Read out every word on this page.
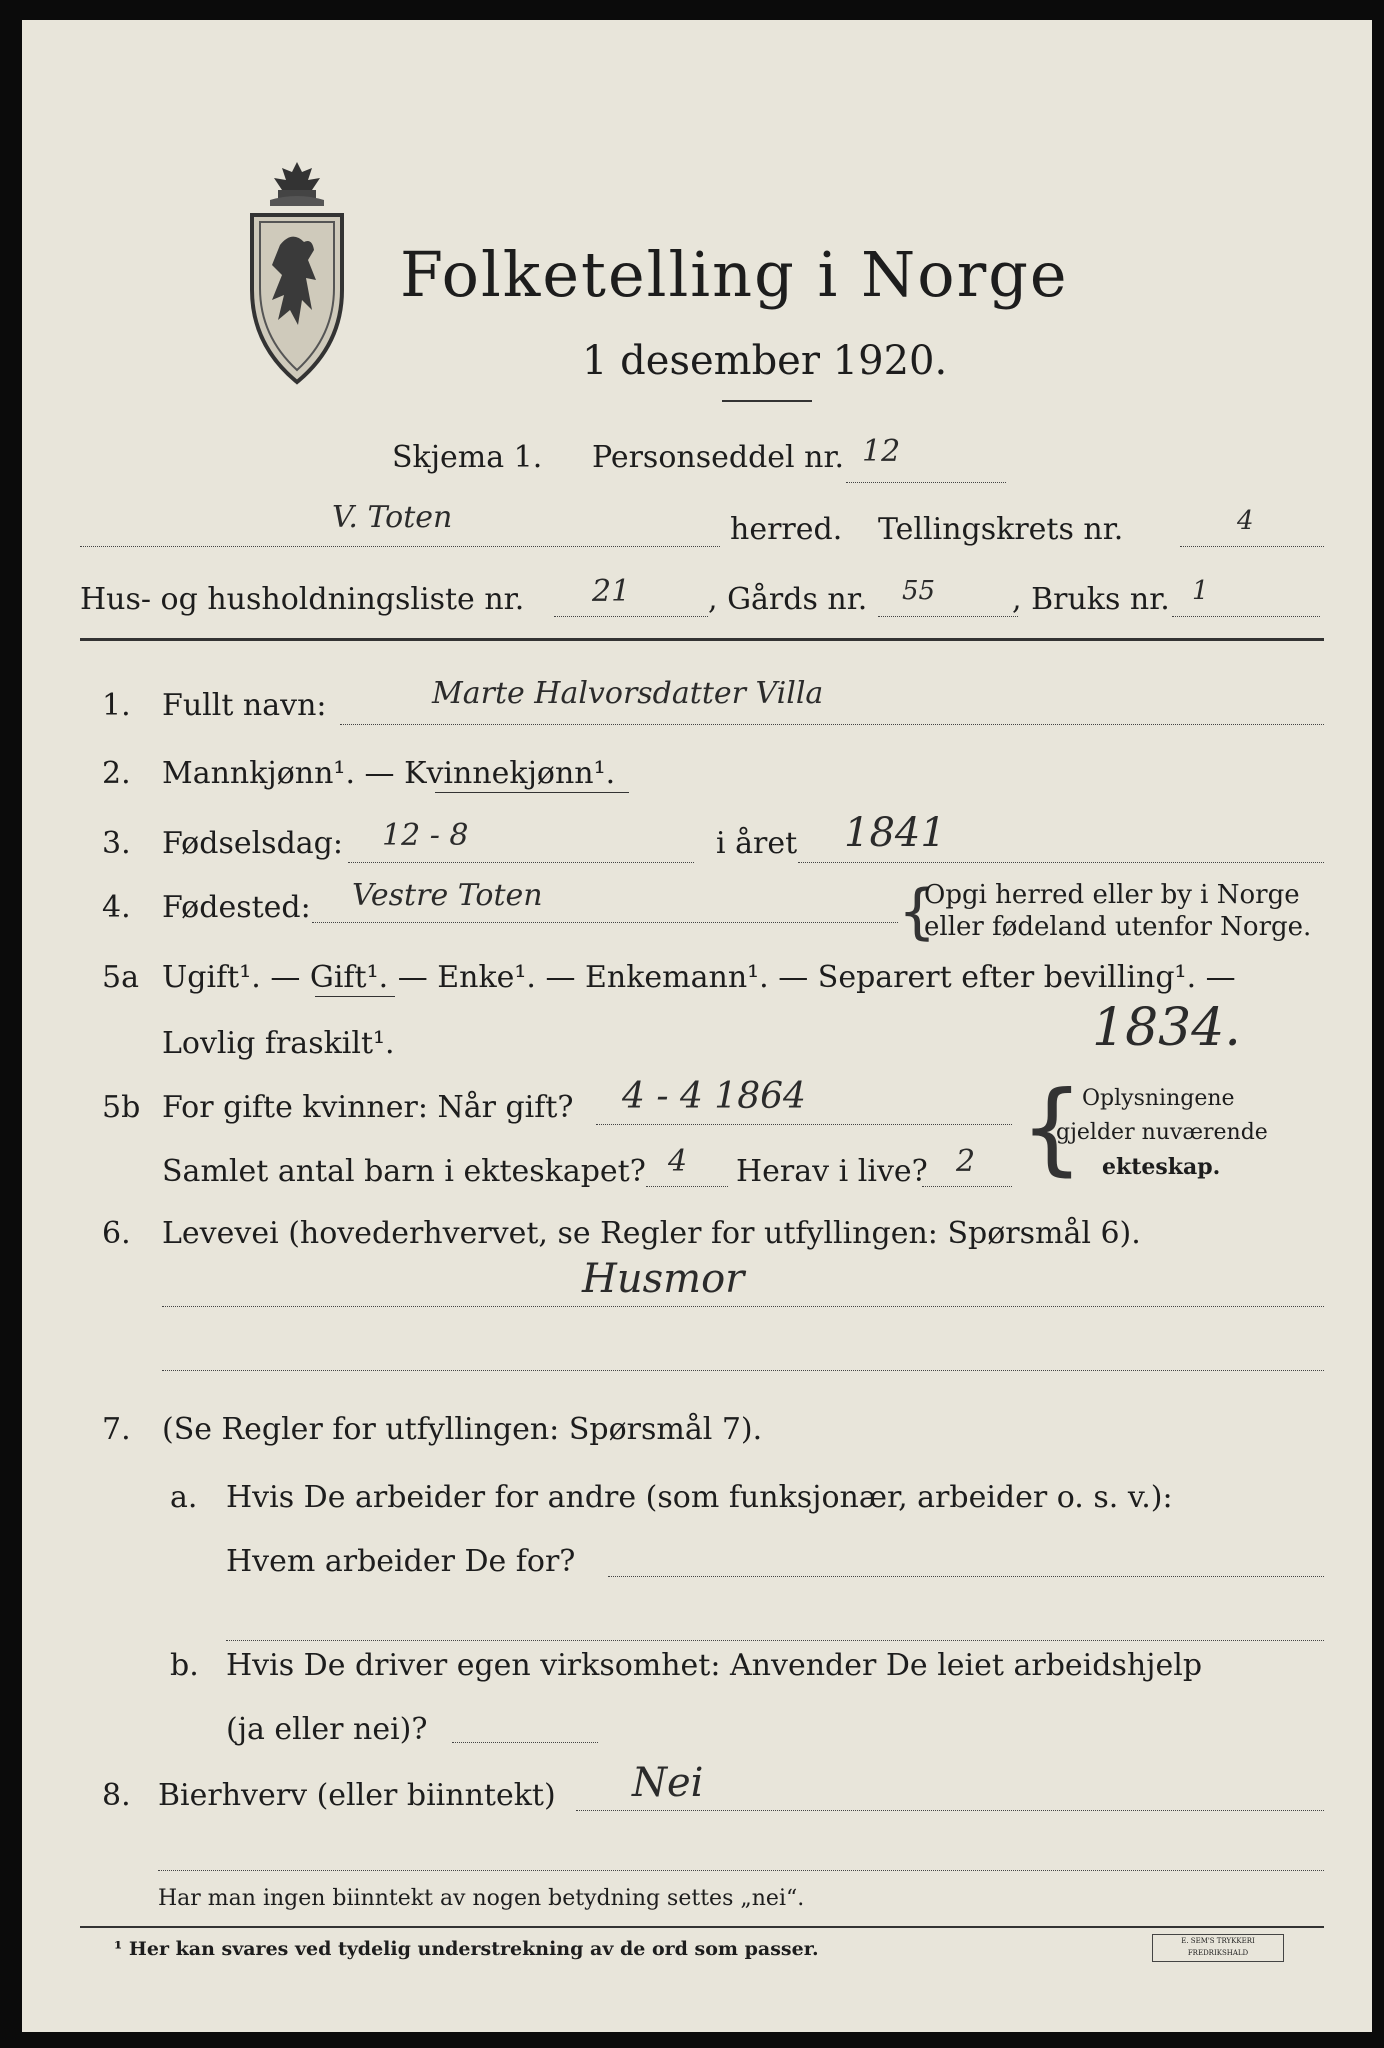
Folketelling i Norge
1 desember 1920.
Skjema 1. Personseddel nr. 12
V. Toten	herred. Tellingskrets nr.	4
Hus- og husholdningsliste nr. 21	, Gårds nr. 55	, Bruks nr. 1
1. Fullt navn:	Marte Halvorsdatter Villa
2. Mannkjønn¹. — Kvinnekjønn¹.
3. Fødselsdag: 12 - 8	i året 1841
4. Fødested: Vestre Toten	{
Opgi herred eller by i Norge
eller fødeland utenfor Norge.
5a Ugift¹. — Gift¹. — Enke¹. — Enkemann¹. — Separert efter bevilling¹. —
Lovlig fraskilt¹.	1834.
5b For gifte kvinner: Når gift? 4 - 4 1864
Samlet antal barn i ekteskapet? 4 Herav i live? 2 {
Oplysningene
gjelder nuværende
ekteskap.
6. Levevei (hovederhvervet, se Regler for utfyllingen: Spørsmål 6).
Husmor
7. (Se Regler for utfyllingen: Spørsmål 7).
a. Hvis De arbeider for andre (som funksjonær, arbeider o. s. v.):
Hvem arbeider De for?
b. Hvis De driver egen virksomhet: Anvender De leiet arbeidshjelp
(ja eller nei)?
8. Bierhverv (eller biinntekt) Nei
Har man ingen biinntekt av nogen betydning settes „nei“.
¹ Her kan svares ved tydelig understrekning av de ord som passer.	E. SEM'S TRYKKERI FREDRIKSHALD
